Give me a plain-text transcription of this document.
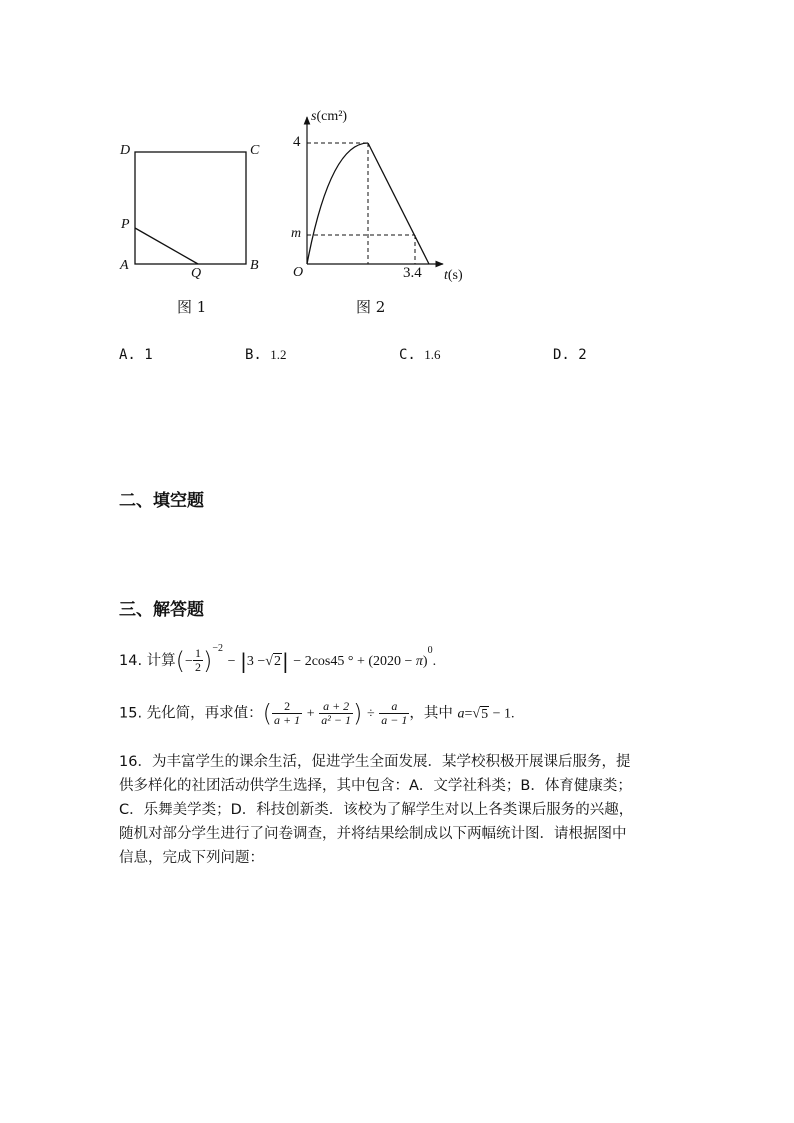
D	C
P
A
Q
B
图 1
s(cm²)
4
m
O	3.4 t(s)
图 2
A. 1	B. 1.2	C. 1.6	D. 2
二、填空题
三、解答题
14. 计算(− $\frac{1}{2} )^{-2} - |3 -√2| - 2\cos 45$ ° + $(2020 - \pi)^0$.
15. 先化简，再求值：( $\frac{2}{a + 1} + \frac{a + 2}{\text{a² − 1}}$ ) ÷ $\frac{a}{a - 1}$ ，其中 a=√5 − 1.
16．为丰富学生的课余生活，促进学生全面发展．某学校积极开展课后服务，提
供多样化的社团活动供学生选择，其中包含：A．文学社科类；B．体育健康类；
C．乐舞美学类；D．科技创新类．该校为了解学生对以上各类课后服务的兴趣，
随机对部分学生进行了问卷调查，并将结果绘制成以下两幅统计图．请根据图中
信息，完成下列问题：
